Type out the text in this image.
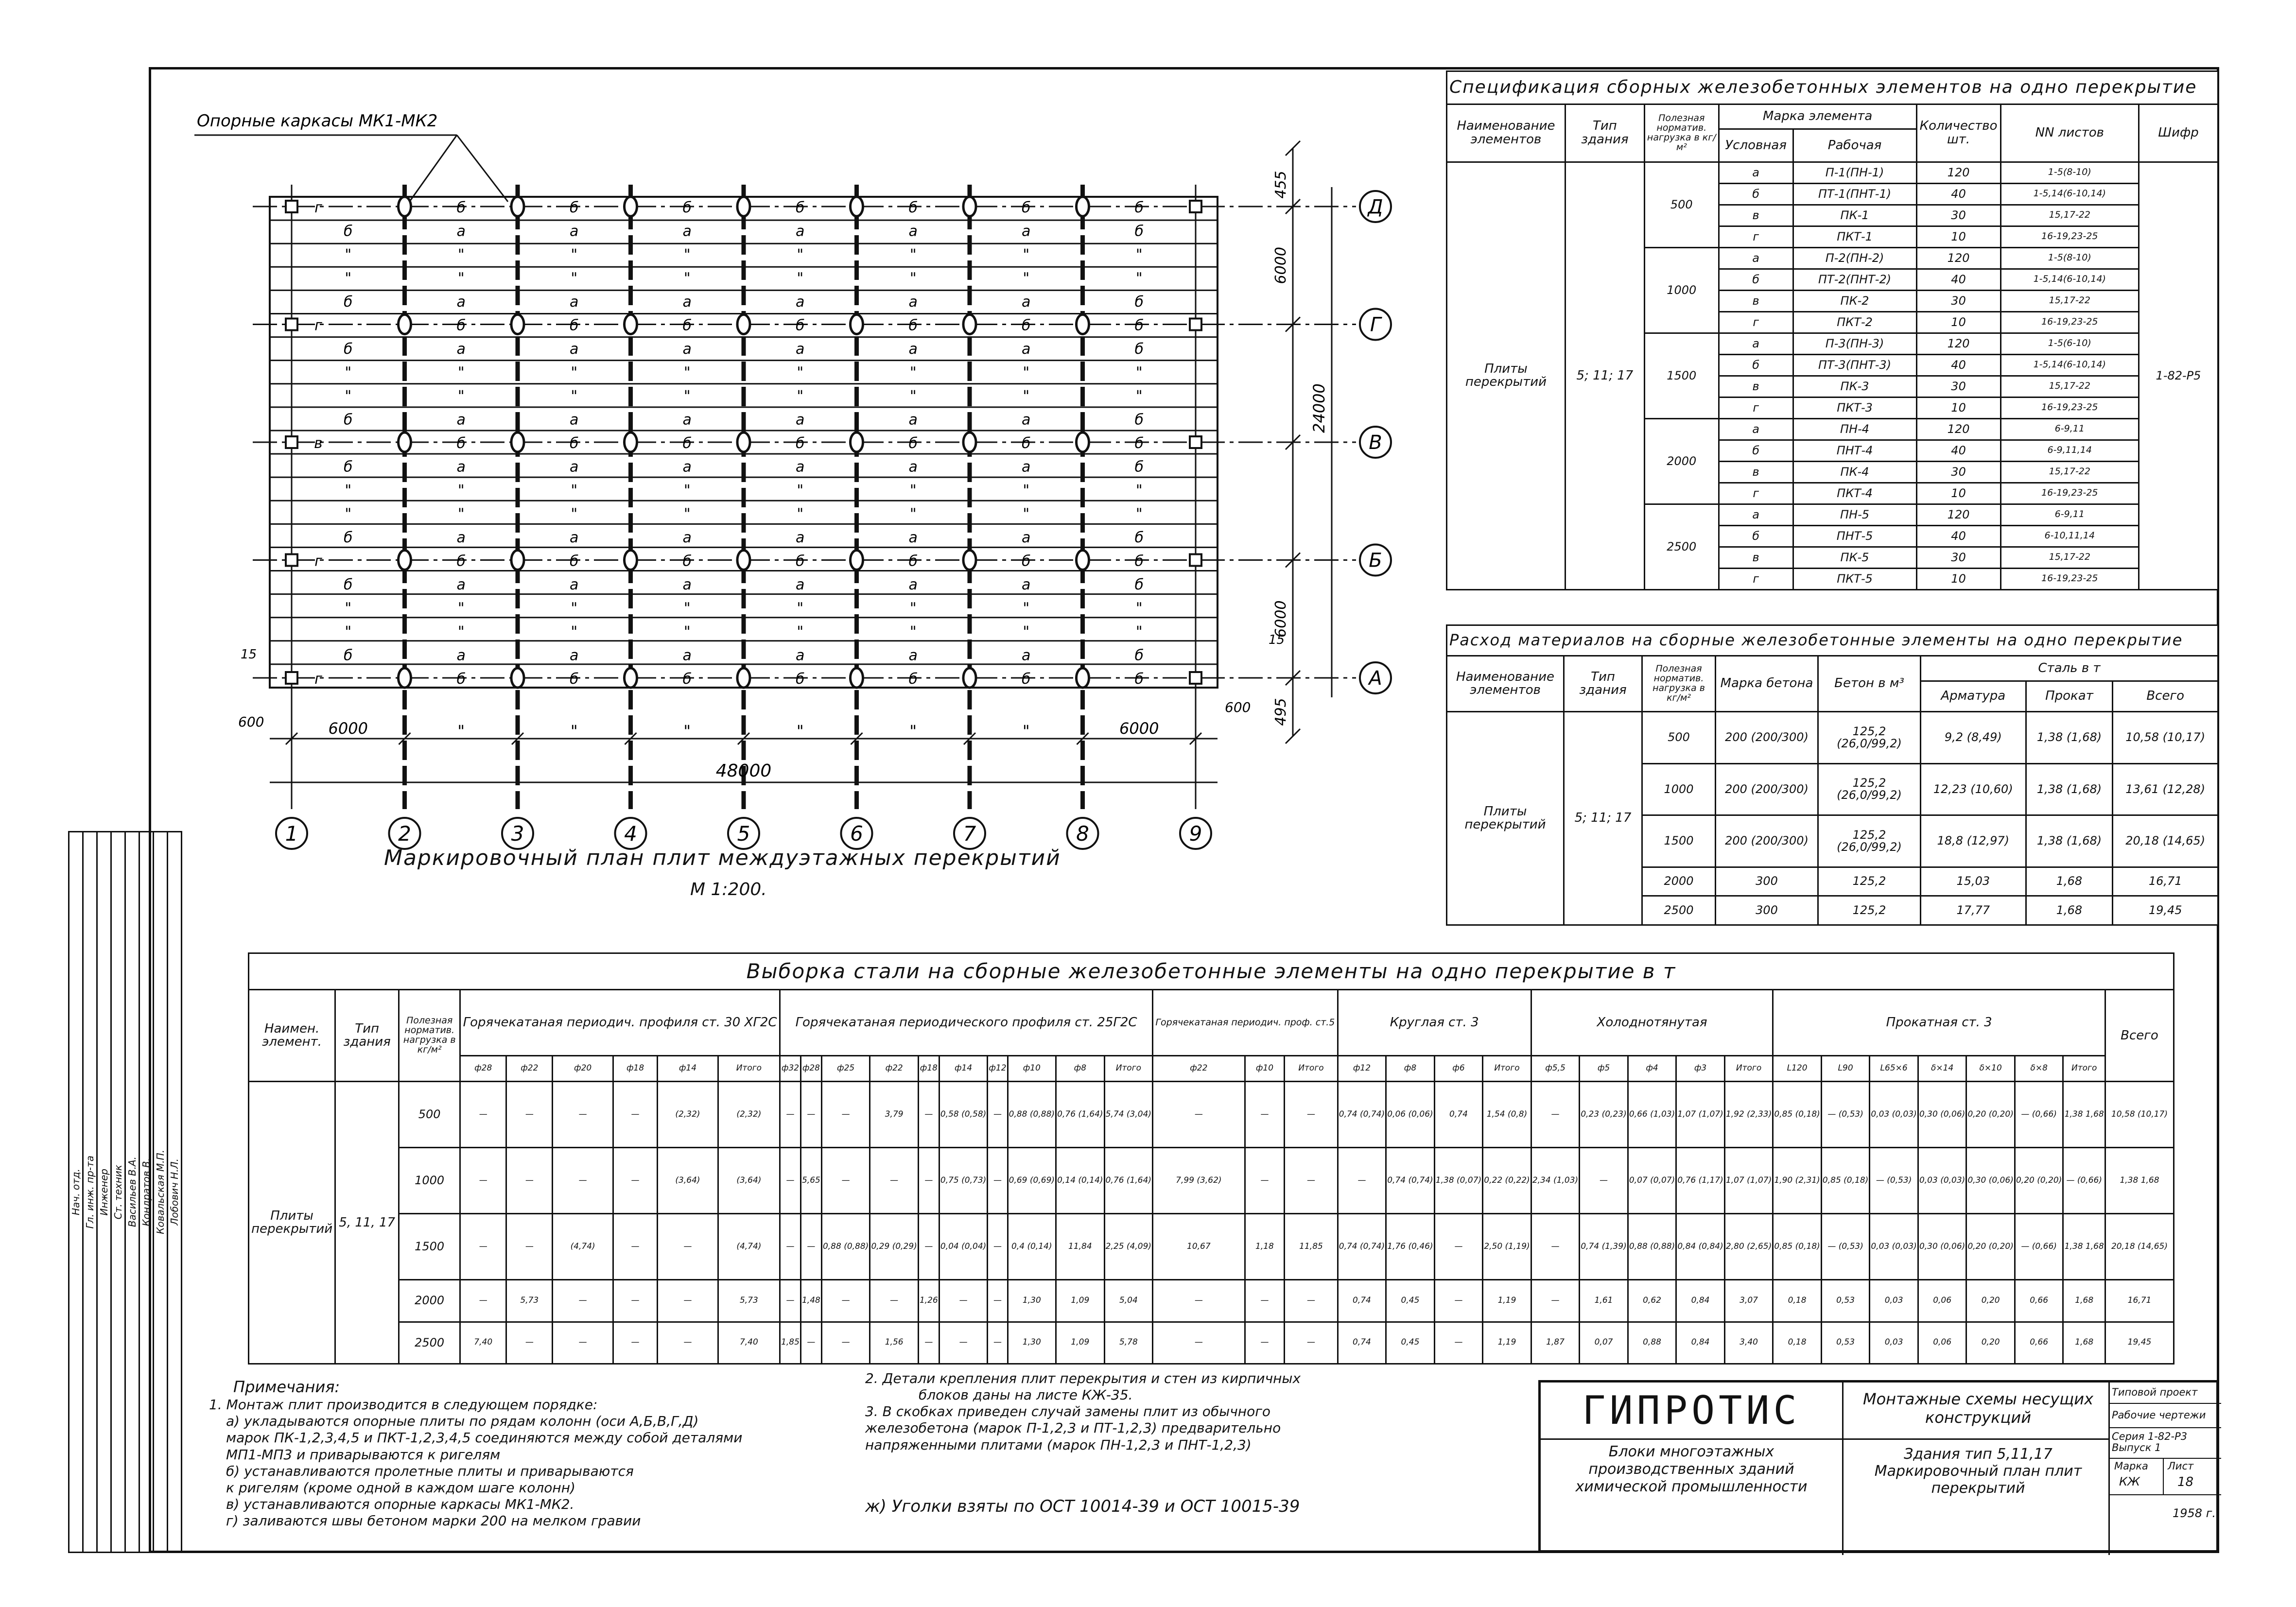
Нач. отд.	Гл. инж. пр-та	Инженер	Ст. техник	Васильев В.А.	Кондратов В.	Ковальская М.П.	Лобович Н.Л.
1	2	3	4	5	6	7	8	9
Д
Г
В
Б
А
г	б	б	б	б	б	б	б
б	а	а	а	а	а	а	б
"	"	"	"	"	"	"	"
"	"	"	"	"	"	"	"
б	а	а	а	а	а	а	б
г	б	б	б	б	б	б	б
б	а	а	а	а	а	а	б
"	"	"	"	"	"	"	"
"	"	"	"	"	"	"	"
б	а	а	а	а	а	а	б
в	б	б	б	б	б	б	б
б	а	а	а	а	а	а	б
"	"	"	"	"	"	"	"
"	"	"	"	"	"	"	"
б	а	а	а	а	а	а	б
г	б	б	б	б	б	б	б
б	а	а	а	а	а	а	б
"	"	"	"	"	"	"	"
"	"	"	"	"	"	"	"
б	а	а	а	а	а	а	б
г	б	б	б	б	б	б	б
455
6000
6000
495
24000
6000	6000
"	"	"	"	"	"
48000
600
600
15
15
Опорные каркасы МК1-МК2
Маркировочный план плит междуэтажных перекрытий
М 1:200.
Спецификация сборных железобетонных элементов на одно перекрытие							
Наименование элементов	Тип здания	Полезная норматив. нагрузка в кг/м²	Марка элемента		Количество шт.	NN листов	Шифр
			Условная	Рабочая			
Плиты перекрытий	5; 11; 17	500	а	П-1(ПН-1)	120	1-5(8-10)	1-82-Р5
			б	ПТ-1(ПНТ-1)	40	1-5,14(6-10,14)	
			в	ПК-1	30	15,17-22	
			г	ПКТ-1	10	16-19,23-25	
		1000	а	П-2(ПН-2)	120	1-5(8-10)	
			б	ПТ-2(ПНТ-2)	40	1-5,14(6-10,14)	
			в	ПК-2	30	15,17-22	
			г	ПКТ-2	10	16-19,23-25	
		1500	а	П-3(ПН-3)	120	1-5(6-10)	
			б	ПТ-3(ПНТ-3)	40	1-5,14(6-10,14)	
			в	ПК-3	30	15,17-22	
			г	ПКТ-3	10	16-19,23-25	
		2000	а	ПН-4	120	6-9,11	
			б	ПНТ-4	40	6-9,11,14	
			в	ПК-4	30	15,17-22	
			г	ПКТ-4	10	16-19,23-25	
		2500	а	ПН-5	120	6-9,11	
			б	ПНТ-5	40	6-10,11,14	
			в	ПК-5	30	15,17-22	
			г	ПКТ-5	10	16-19,23-25	
Расход материалов на сборные железобетонные элементы на одно перекрытие							
Наименование элементов	Тип здания	Полезная норматив. нагрузка в кг/м²	Марка бетона	Бетон в м³	Сталь в т		
					Арматура	Прокат	Всего
Плиты перекрытий	5; 11; 17	500	200 (200/300)	125,2 (26,0/99,2)	9,2 (8,49)	1,38 (1,68)	10,58 (10,17)
		1000	200 (200/300)	125,2 (26,0/99,2)	12,23 (10,60)	1,38 (1,68)	13,61 (12,28)
		1500	200 (200/300)	125,2 (26,0/99,2)	18,8 (12,97)	1,38 (1,68)	20,18 (14,65)
		2000	300	125,2	15,03	1,68	16,71
		2500	300	125,2	17,77	1,68	19,45
Выборка стали на сборные железобетонные элементы на одно перекрытие в т																																						
Наимен. элемент.	Тип здания	Полезная норматив. нагрузка в кг/м²	Горячекатаная периодич. профиля ст. 30 ХГ2С						Горячекатаная периодического профиля ст. 25Г2С										Горячекатаная периодич. проф. ст.5			Круглая ст. 3				Холоднотянутая					Прокатная ст. 3							Всего
			ф28	ф22	ф20	ф18	ф14	Итого	ф32	ф28	ф25	ф22	ф18	ф14	ф12	ф10	ф8	Итого	ф22	ф10	Итого	ф12	ф8	ф6	Итого	ф5,5	ф5	ф4	ф3	Итого	L120	L90	L65×6	δ×14	δ×10	δ×8	Итого	
Плиты перекрытий	5, 11, 17	500	—	—	—	—	(2,32)	(2,32)	—	—	—	3,79	—	0,58 (0,58)	—	0,88 (0,88)	0,76 (1,64)	5,74 (3,04)	—	—	—	0,74 (0,74)	0,06 (0,06)	0,74	1,54 (0,8)	—	0,23 (0,23)	0,66 (1,03)	1,07 (1,07)	1,92 (2,33)	0,85 (0,18)	— (0,53)	0,03 (0,03)	0,30 (0,06)	0,20 (0,20)	— (0,66)	1,38 1,68	10,58 (10,17)
		1000	—	—	—	—	(3,64)	(3,64)	—	5,65	—	—	—	0,75 (0,73)	—	0,69 (0,69)	0,14 (0,14)	0,76 (1,64)	7,99 (3,62)	—	—	—	0,74 (0,74)	1,38 (0,07)	0,22 (0,22)	2,34 (1,03)	—	0,07 (0,07)	0,76 (1,17)	1,07 (1,07)	1,90 (2,31)	0,85 (0,18)	— (0,53)	0,03 (0,03)	0,30 (0,06)	0,20 (0,20)	— (0,66)	1,38 1,68
		1500	—	—	(4,74)	—	—	(4,74)	—	—	0,88 (0,88)	0,29 (0,29)	—	0,04 (0,04)	—	0,4 (0,14)	11,84	2,25 (4,09)	10,67	1,18	11,85	0,74 (0,74)	1,76 (0,46)	—	2,50 (1,19)	—	0,74 (1,39)	0,88 (0,88)	0,84 (0,84)	2,80 (2,65)	0,85 (0,18)	— (0,53)	0,03 (0,03)	0,30 (0,06)	0,20 (0,20)	— (0,66)	1,38 1,68	20,18 (14,65)
		2000	—	5,73	—	—	—	5,73	—	1,48	—	—	1,26	—	—	1,30	1,09	5,04	—	—	—	0,74	0,45	—	1,19	—	1,61	0,62	0,84	3,07	0,18	0,53	0,03	0,06	0,20	0,66	1,68	16,71
		2500	7,40	—	—	—	—	7,40	1,85	—	—	1,56	—	—	—	1,30	1,09	5,78	—	—	—	0,74	0,45	—	1,19	1,87	0,07	0,88	0,84	3,40	0,18	0,53	0,03	0,06	0,20	0,66	1,68	19,45
Примечания:
1. Монтаж плит производится в следующем порядке:
а) укладываются опорные плиты по рядам колонн (оси А,Б,В,Г,Д)
марок ПК-1,2,3,4,5 и ПКТ-1,2,3,4,5 соединяются между собой деталями
МП1-МП3 и приварываются к ригелям
б) устанавливаются пролетные плиты и приварываются
к ригелям (кроме одной в каждом шаге колонн)
в) устанавливаются опорные каркасы МК1-МК2.
г) заливаются швы бетоном марки 200 на мелком гравии
2. Детали крепления плит перекрытия и стен из кирпичных
блоков даны на листе КЖ-35.
3. В скобках приведен случай замены плит из обычного
железобетона (марок П-1,2,3 и ПТ-1,2,3) предварительно
напряженными плитами (марок ПН-1,2,3 и ПНТ-1,2,3)
ж) Уголки взяты по ОСТ 10014-39 и ОСТ 10015-39
ГИПРОТИС
Блоки многоэтажных производственных зданий химической промышленности
Монтажные схемы несущих конструкций
Здания тип 5,11,17 Маркировочный план плит перекрытий
Типовой проект
Рабочие чертежи
Серия 1-82-Р3 Выпуск 1
Марка Лист
КЖ	18
1958 г.
